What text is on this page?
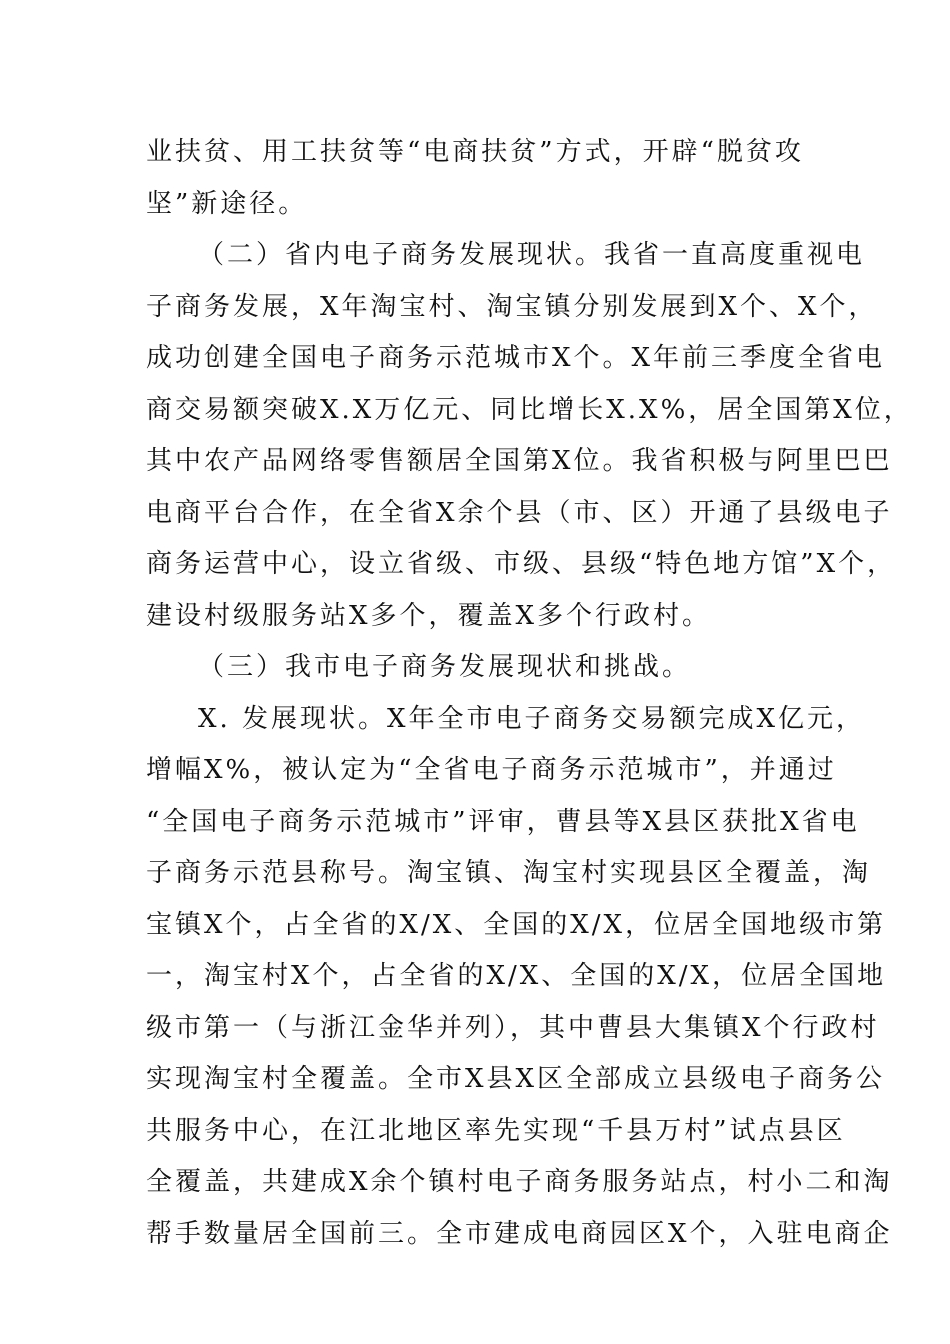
业扶贫、用工扶贫等“电商扶贫”方式，开辟“脱贫攻
坚”新途径。
（二）省内电子商务发展现状。我省一直高度重视电
子商务发展，X年淘宝村、淘宝镇分别发展到X个、X个，
成功创建全国电子商务示范城市X个。X年前三季度全省电
商交易额突破X.X万亿元、同比增长X.X%，居全国第X位，
其中农产品网络零售额居全国第X位。我省积极与阿里巴巴
电商平台合作，在全省X余个县（市、区）开通了县级电子
商务运营中心，设立省级、市级、县级“特色地方馆”X个，
建设村级服务站X多个，覆盖X多个行政村。
（三）我市电子商务发展现状和挑战。
X. 发展现状。X年全市电子商务交易额完成X亿元，
增幅X%，被认定为“全省电子商务示范城市”，并通过
“全国电子商务示范城市”评审，曹县等X县区获批X省电
子商务示范县称号。淘宝镇、淘宝村实现县区全覆盖，淘
宝镇X个，占全省的X/X、全国的X/X，位居全国地级市第
一，淘宝村X个，占全省的X/X、全国的X/X，位居全国地
级市第一（与浙江金华并列），其中曹县大集镇X个行政村
实现淘宝村全覆盖。全市X县X区全部成立县级电子商务公
共服务中心，在江北地区率先实现“千县万村”试点县区
全覆盖，共建成X余个镇村电子商务服务站点，村小二和淘
帮手数量居全国前三。全市建成电商园区X个，入驻电商企
